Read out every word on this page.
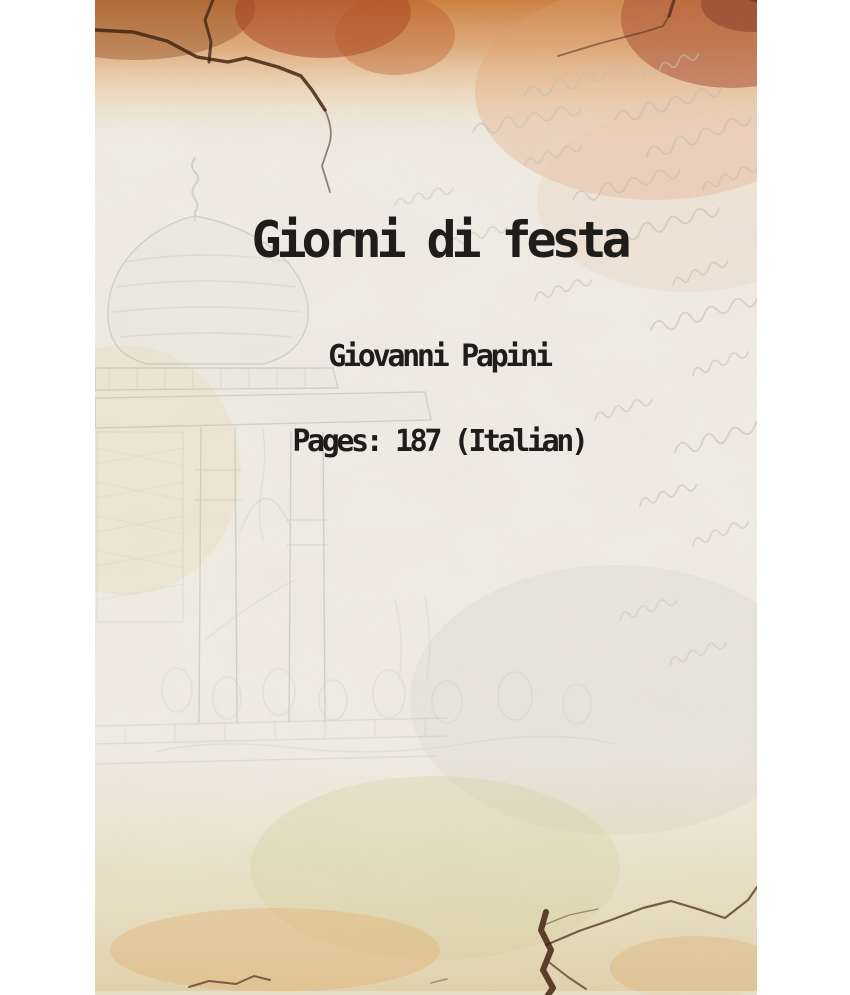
Giorni di festa
Giovanni Papini
Pages: 187 (Italian)
